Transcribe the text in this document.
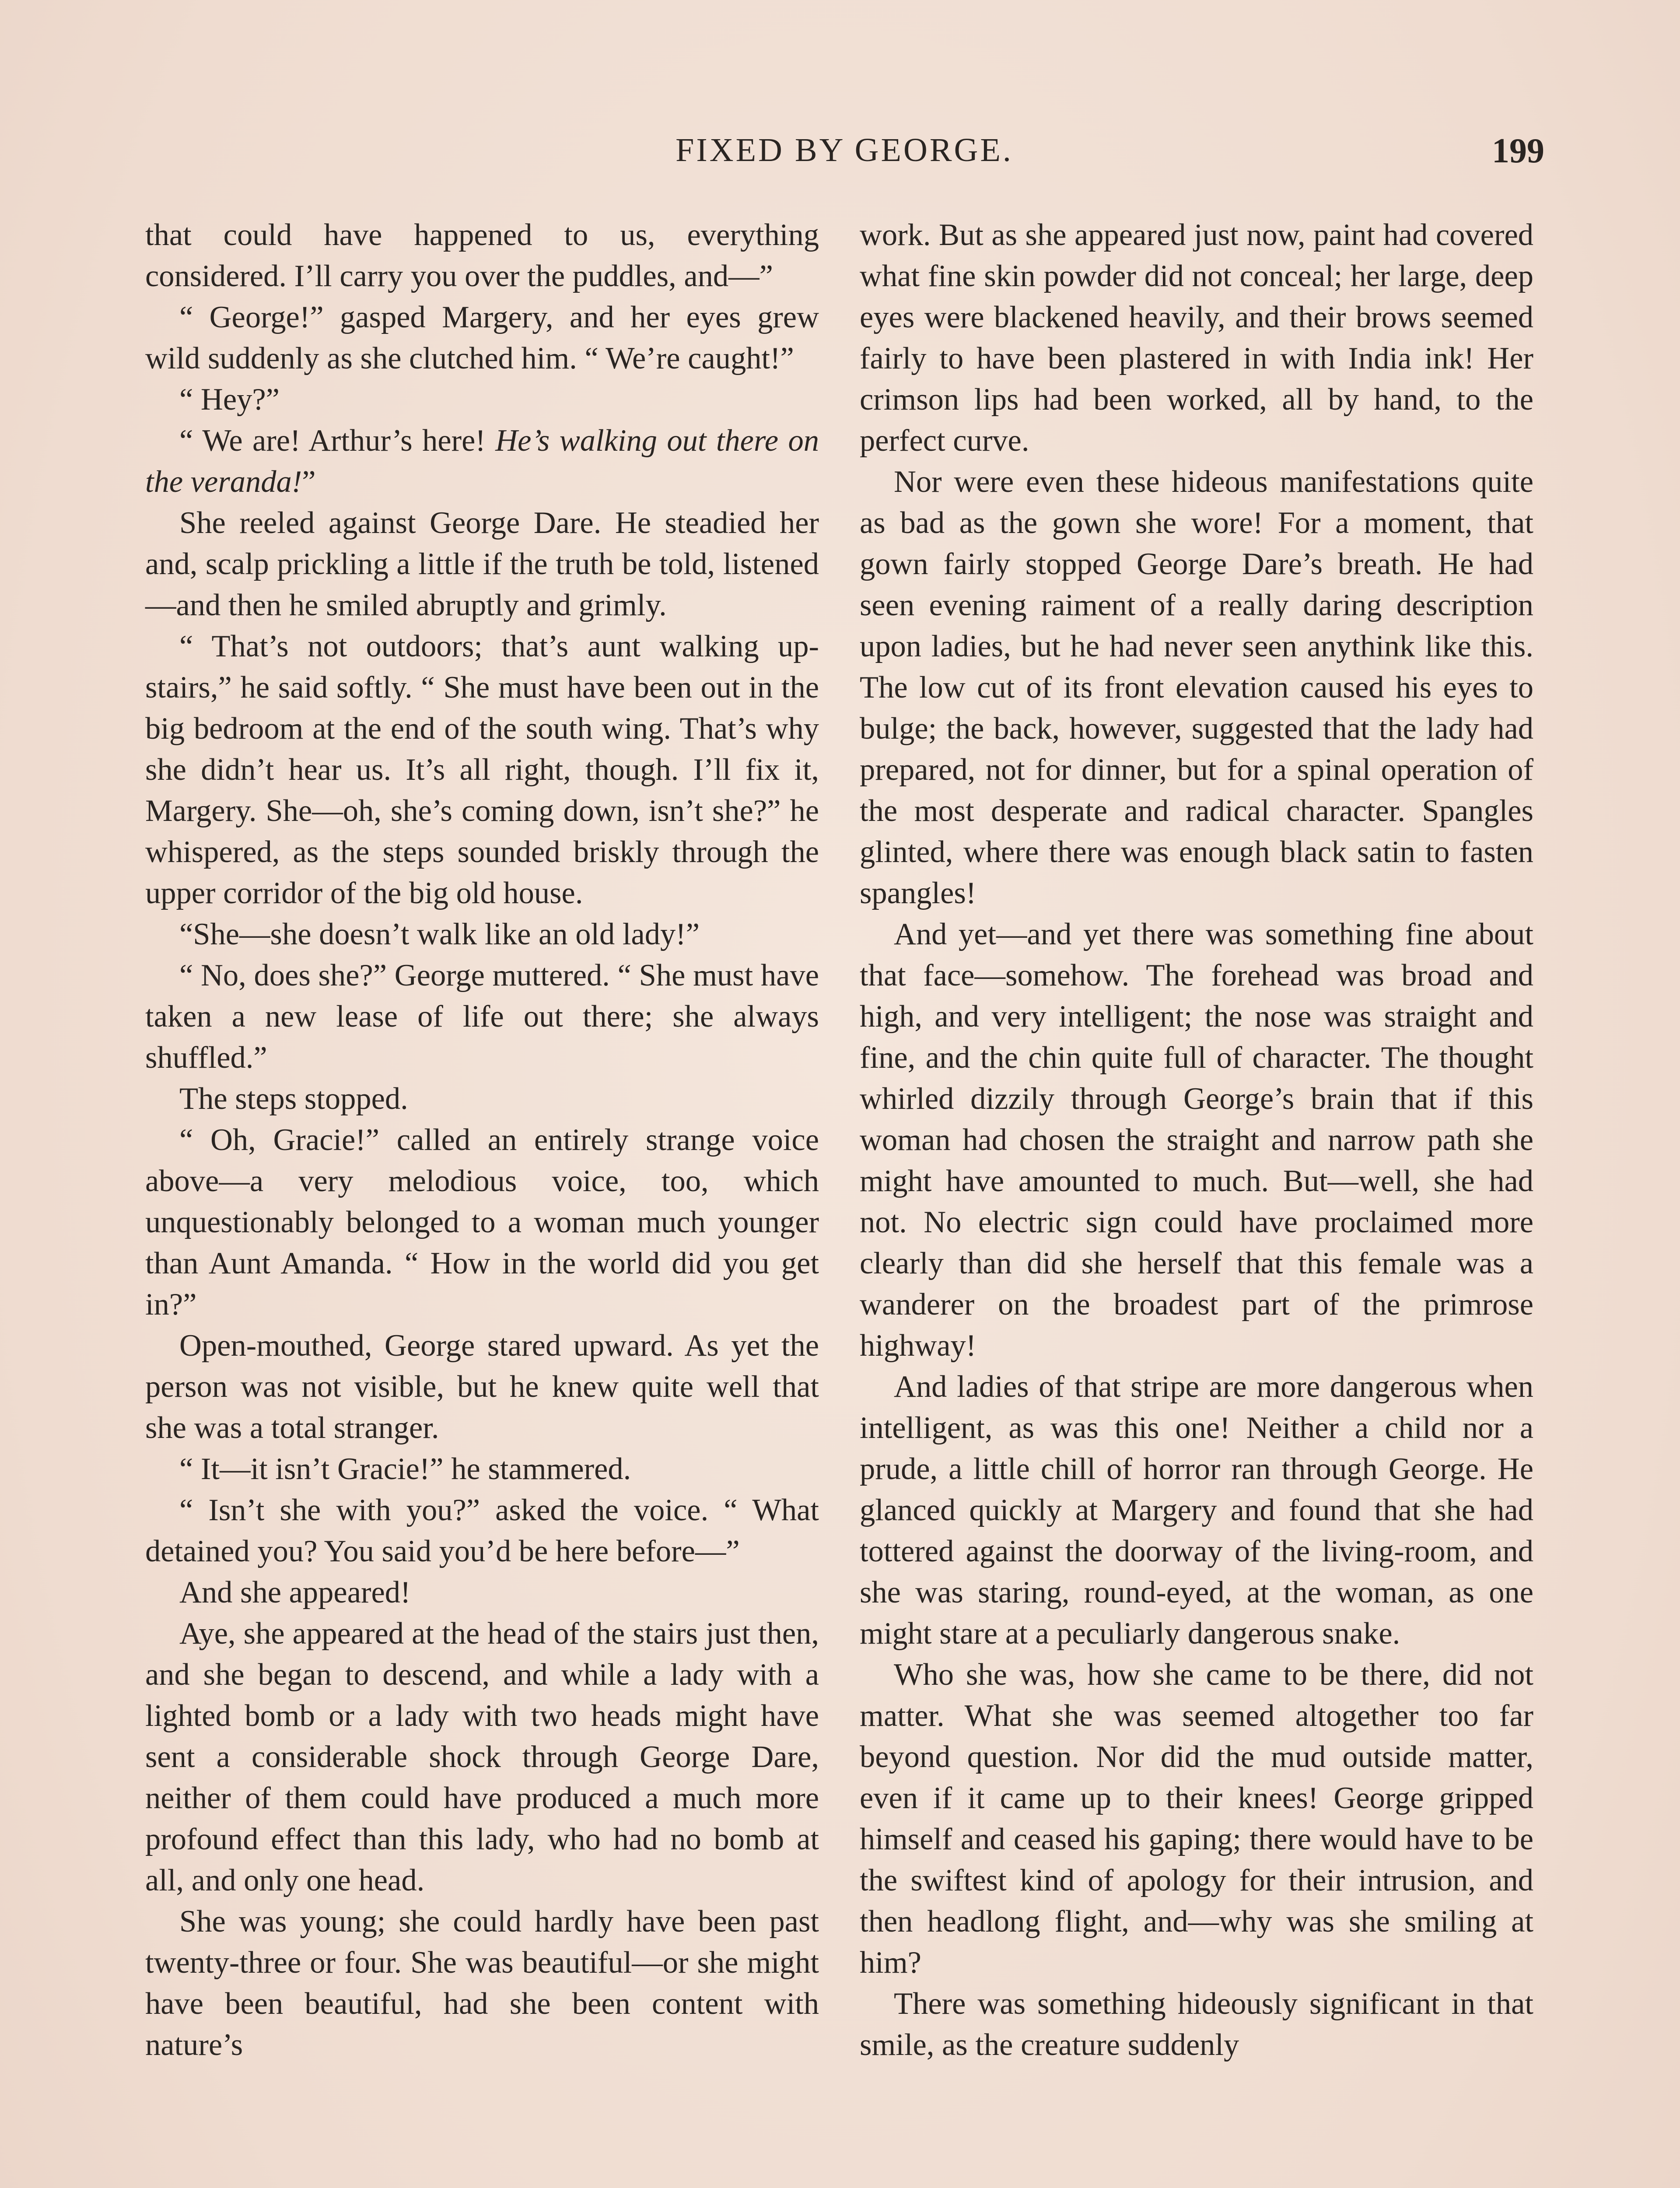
FIXED BY GEORGE.	199

that could have happened to us, everything considered. I’ll carry you over the puddles, and—”

“ George!” gasped Margery, and her eyes grew wild suddenly as she clutched him. “ We’re caught!”

“ Hey?”

“ We are! Arthur’s here! He’s walking out there on the veranda!”

She reeled against George Dare. He steadied her and, scalp prickling a little if the truth be told, listened—and then he smiled abruptly and grimly.

“ That’s not outdoors; that’s aunt walking up-stairs,” he said softly. “ She must have been out in the big bedroom at the end of the south wing. That’s why she didn’t hear us. It’s all right, though. I’ll fix it, Margery. She—oh, she’s coming down, isn’t she?” he whispered, as the steps sounded briskly through the upper corridor of the big old house.

“She—she doesn’t walk like an old lady!”

“ No, does she?” George muttered. “ She must have taken a new lease of life out there; she always shuffled.”

The steps stopped.

“ Oh, Gracie!” called an entirely strange voice above—a very melodious voice, too, which unquestionably belonged to a woman much younger than Aunt Amanda. “ How in the world did you get in?”

Open-mouthed, George stared upward. As yet the person was not visible, but he knew quite well that she was a total stranger.

“ It—it isn’t Gracie!” he stammered.

“ Isn’t she with you?” asked the voice. “ What detained you? You said you’d be here before—”

And she appeared!

Aye, she appeared at the head of the stairs just then, and she began to descend, and while a lady with a lighted bomb or a lady with two heads might have sent a considerable shock through George Dare, neither of them could have produced a much more profound effect than this lady, who had no bomb at all, and only one head.

She was young; she could hardly have been past twenty-three or four. She was beautiful—or she might have been beautiful, had she been content with nature’s

work. But as she appeared just now, paint had covered what fine skin powder did not conceal; her large, deep eyes were blackened heavily, and their brows seemed fairly to have been plastered in with India ink! Her crimson lips had been worked, all by hand, to the perfect curve.

Nor were even these hideous manifestations quite as bad as the gown she wore! For a moment, that gown fairly stopped George Dare’s breath. He had seen evening raiment of a really daring description upon ladies, but he had never seen anythink like this. The low cut of its front elevation caused his eyes to bulge; the back, however, suggested that the lady had prepared, not for dinner, but for a spinal operation of the most desperate and radical character. Spangles glinted, where there was enough black satin to fasten spangles!

And yet—and yet there was something fine about that face—somehow. The forehead was broad and high, and very intelligent; the nose was straight and fine, and the chin quite full of character. The thought whirled dizzily through George’s brain that if this woman had chosen the straight and narrow path she might have amounted to much. But—well, she had not. No electric sign could have proclaimed more clearly than did she herself that this female was a wanderer on the broadest part of the primrose highway!

And ladies of that stripe are more dangerous when intelligent, as was this one! Neither a child nor a prude, a little chill of horror ran through George. He glanced quickly at Margery and found that she had tottered against the doorway of the living-room, and she was staring, round-eyed, at the woman, as one might stare at a peculiarly dangerous snake.

Who she was, how she came to be there, did not matter. What she was seemed altogether too far beyond question. Nor did the mud outside matter, even if it came up to their knees! George gripped himself and ceased his gaping; there would have to be the swiftest kind of apology for their intrusion, and then headlong flight, and—why was she smiling at him?

There was something hideously significant in that smile, as the creature suddenly
